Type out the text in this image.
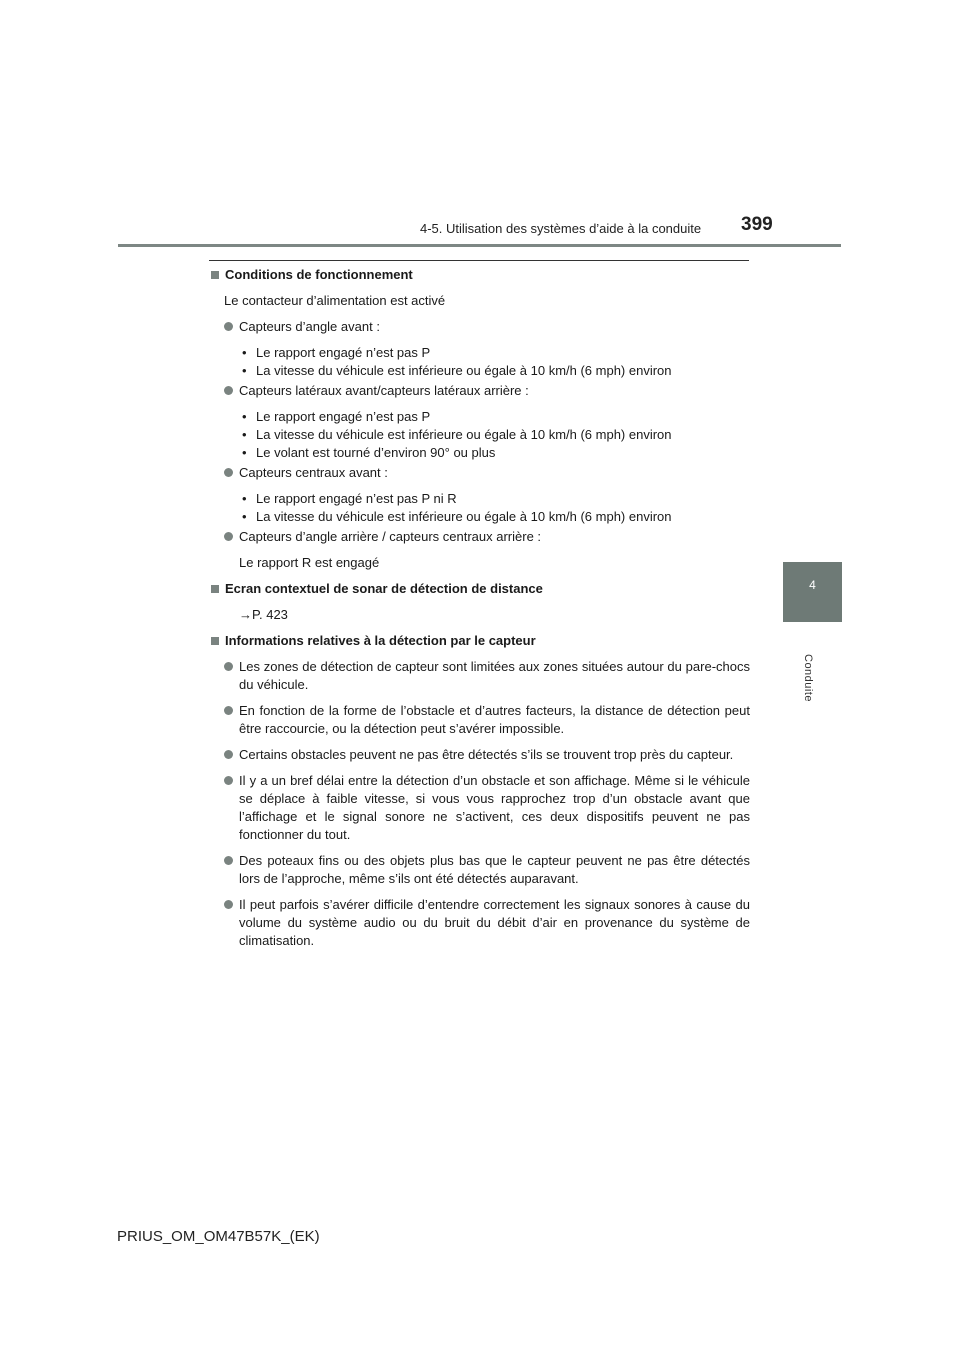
4-5. Utilisation des systèmes d’aide à la conduite 399
4
Conduite
Conditions de fonctionnement
Le contacteur d’alimentation est activé
Capteurs d’angle avant :
• Le rapport engagé n’est pas P
• La vitesse du véhicule est inférieure ou égale à 10 km/h (6 mph) environ
Capteurs latéraux avant/capteurs latéraux arrière :
• Le rapport engagé n’est pas P
• La vitesse du véhicule est inférieure ou égale à 10 km/h (6 mph) environ
• Le volant est tourné d’environ 90° ou plus
Capteurs centraux avant :
• Le rapport engagé n’est pas P ni R
• La vitesse du véhicule est inférieure ou égale à 10 km/h (6 mph) environ
Capteurs d’angle arrière / capteurs centraux arrière :
Le rapport R est engagé
Ecran contextuel de sonar de détection de distance
→P. 423
Informations relatives à la détection par le capteur
Les zones de détection de capteur sont limitées aux zones situées autour du pare-chocs du véhicule.
En fonction de la forme de l’obstacle et d’autres facteurs, la distance de détection peut être raccourcie, ou la détection peut s’avérer impossible.
Certains obstacles peuvent ne pas être détectés s’ils se trouvent trop près du capteur.
Il y a un bref délai entre la détection d’un obstacle et son affichage. Même si le véhicule se déplace à faible vitesse, si vous vous rapprochez trop d’un obstacle avant que l’affichage et le signal sonore ne s’activent, ces deux dispositifs peuvent ne pas fonctionner du tout.
Des poteaux fins ou des objets plus bas que le capteur peuvent ne pas être détectés lors de l’approche, même s’ils ont été détectés auparavant.
Il peut parfois s’avérer difficile d’entendre correctement les signaux sonores à cause du volume du système audio ou du bruit du débit d’air en provenance du système de climatisation.
PRIUS_OM_OM47B57K_(EK)
